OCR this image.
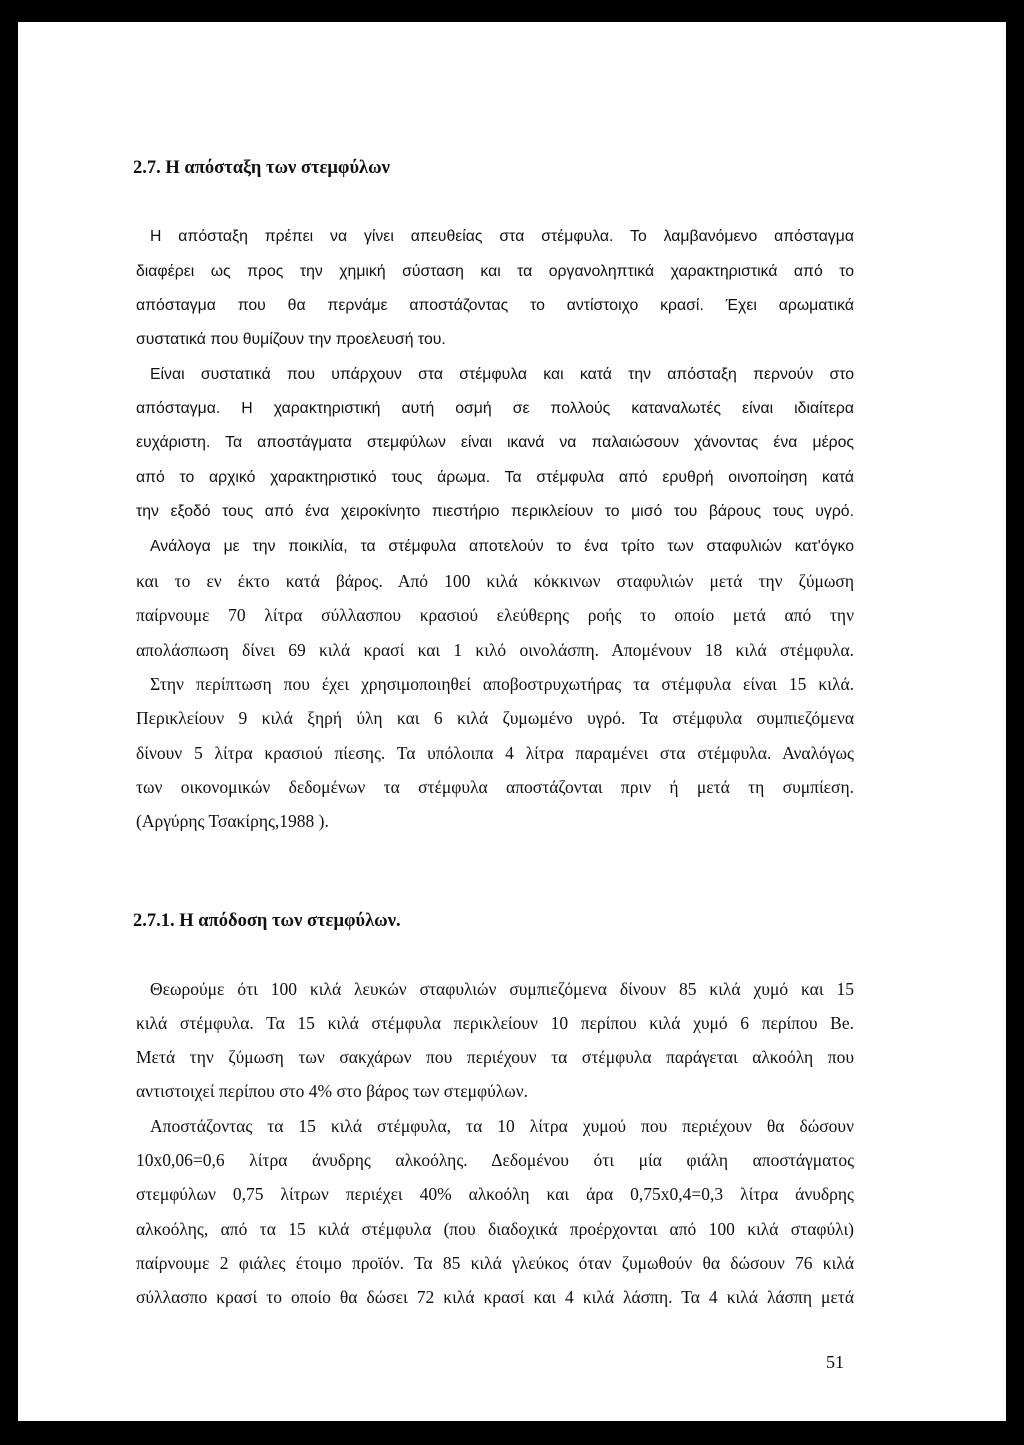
2.7. Η απόσταξη των στεμφύλων
Η απόσταξη πρέπει να γίνει απευθείας στα στέμφυλα. Το λαμβανόμενο απόσταγμα
διαφέρει ως προς την χημική σύσταση και τα οργανοληπτικά χαρακτηριστικά από το
απόσταγμα που θα περνάμε αποστάζοντας το αντίστοιχο κρασί. Έχει αρωματικά
συστατικά που θυμίζουν την προελευσή του.
Είναι συστατικά που υπάρχουν στα στέμφυλα και κατά την απόσταξη περνούν στο
απόσταγμα. Η χαρακτηριστική αυτή οσμή σε πολλούς καταναλωτές είναι ιδιαίτερα
ευχάριστη. Τα αποστάγματα στεμφύλων είναι ικανά να παλαιώσουν χάνοντας ένα μέρος
από το αρχικό χαρακτηριστικό τους άρωμα. Τα στέμφυλα από ερυθρή οινοποίηση κατά
την εξοδό τους από ένα χειροκίνητο πιεστήριο περικλείουν το μισό του βάρους τους υγρό.
Ανάλογα με την ποικιλία, τα στέμφυλα αποτελούν το ένα τρίτο των σταφυλιών κατ'όγκο
και το εν έκτο κατά βάρος. Από 100 κιλά κόκκινων σταφυλιών μετά την ζύμωση
παίρνουμε 70 λίτρα σύλλασπου κρασιού ελεύθερης ροής το οποίο μετά από την
απολάσπωση δίνει 69 κιλά κρασί και 1 κιλό οινολάσπη. Απομένουν 18 κιλά στέμφυλα.
Στην περίπτωση που έχει χρησιμοποιηθεί αποβοστρυχωτήρας τα στέμφυλα είναι 15 κιλά.
Περικλείουν 9 κιλά ξηρή ύλη και 6 κιλά ζυμωμένο υγρό. Τα στέμφυλα συμπιεζόμενα
δίνουν 5 λίτρα κρασιού πίεσης. Τα υπόλοιπα 4 λίτρα παραμένει στα στέμφυλα. Αναλόγως
των οικονομικών δεδομένων τα στέμφυλα αποστάζονται πριν ή μετά τη συμπίεση.
(Αργύρης Τσακίρης,1988 ).
2.7.1. Η απόδοση των στεμφύλων.
Θεωρούμε ότι 100 κιλά λευκών σταφυλιών συμπιεζόμενα δίνουν 85 κιλά χυμό και 15
κιλά στέμφυλα. Τα 15 κιλά στέμφυλα περικλείουν 10 περίπου κιλά χυμό 6 περίπου Be.
Μετά την ζύμωση των σακχάρων που περιέχουν τα στέμφυλα παράγεται αλκοόλη που
αντιστοιχεί περίπου στο 4% στο βάρος των στεμφύλων.
Αποστάζοντας τα 15 κιλά στέμφυλα, τα 10 λίτρα χυμού που περιέχουν θα δώσουν
10x0,06=0,6 λίτρα άνυδρης αλκοόλης. Δεδομένου ότι μία φιάλη αποστάγματος
στεμφύλων 0,75 λίτρων περιέχει 40% αλκοόλη και άρα 0,75x0,4=0,3 λίτρα άνυδρης
αλκοόλης, από τα 15 κιλά στέμφυλα (που διαδοχικά προέρχονται από 100 κιλά σταφύλι)
παίρνουμε 2 φιάλες έτοιμο προϊόν. Τα 85 κιλά γλεύκος όταν ζυμωθούν θα δώσουν 76 κιλά
σύλλασπο κρασί το οποίο θα δώσει 72 κιλά κρασί και 4 κιλά λάσπη. Τα 4 κιλά λάσπη μετά
51
